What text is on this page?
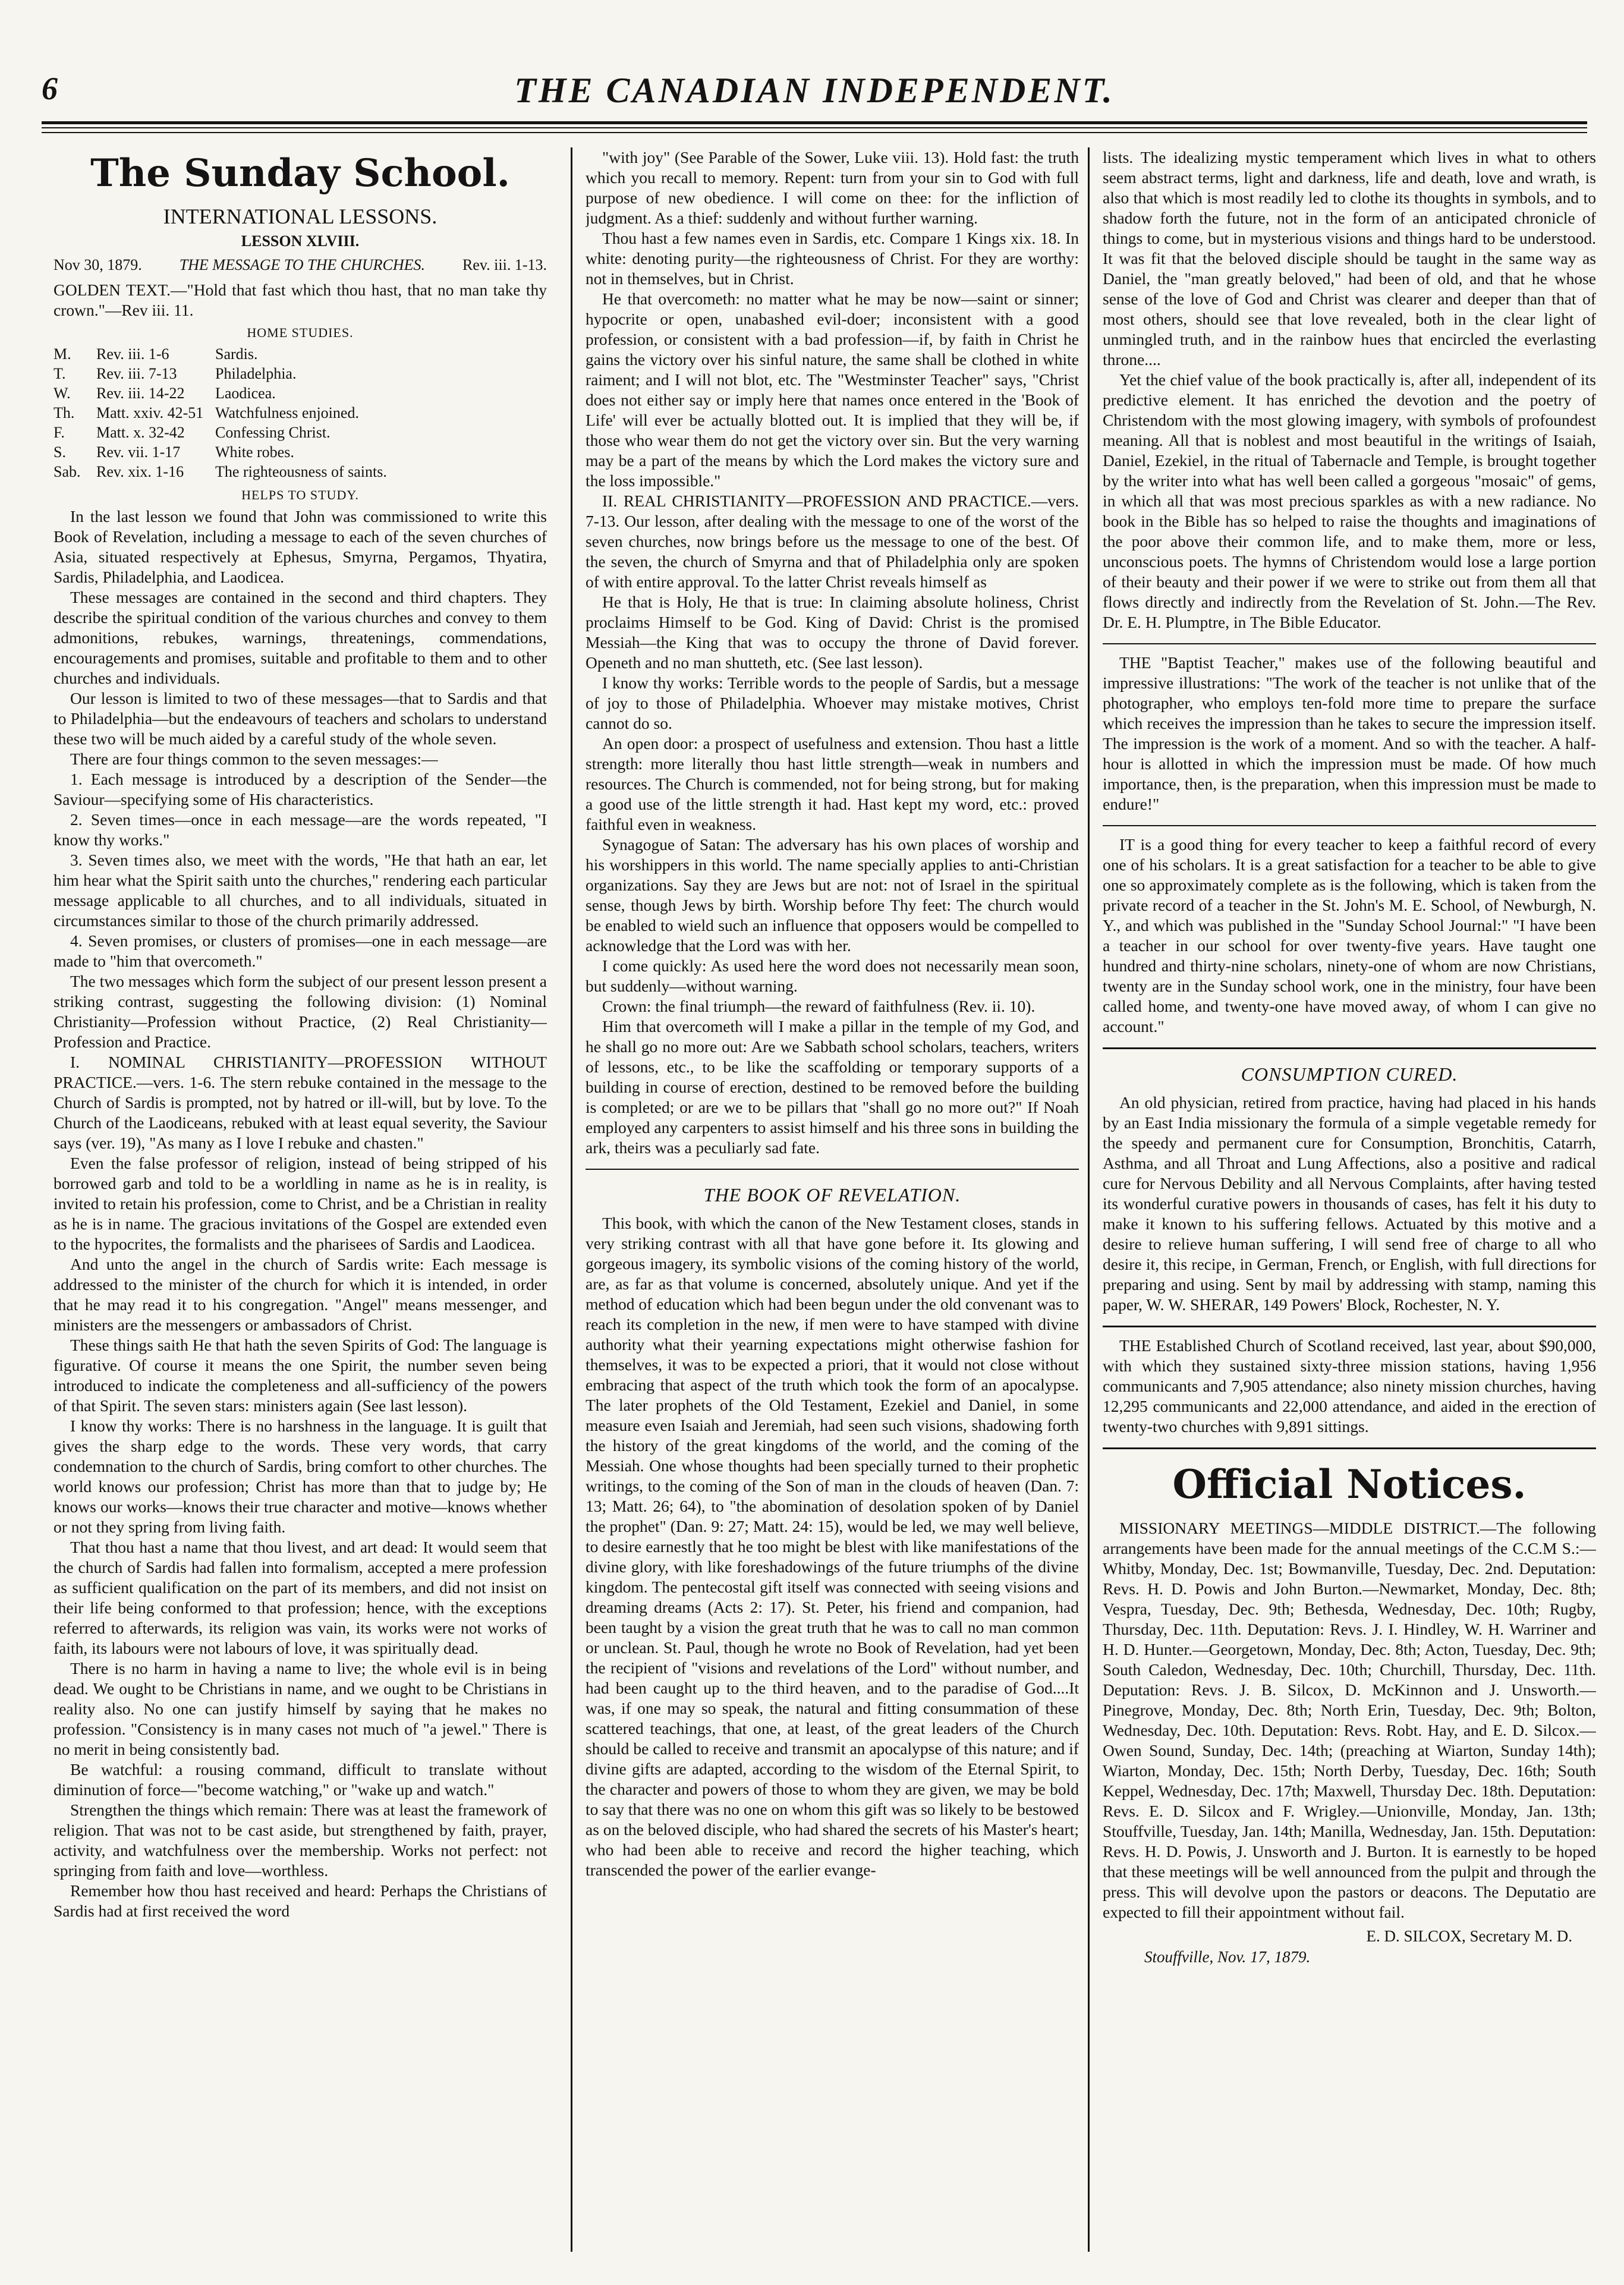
6	THE CANADIAN INDEPENDENT.
The Sunday School.
INTERNATIONAL LESSONS.
LESSON XLVIII.
Nov 30, 1879. THE MESSAGE TO THE CHURCHES. Rev. iii. 1-13.

GOLDEN TEXT.—"Hold that fast which thou hast, that no man take thy crown."—Rev iii. 11.

HOME STUDIES.
M.	Rev. iii. 1-6	Sardis.
T.	Rev. iii. 7-13	Philadelphia.
W.	Rev. iii. 14-22	Laodicea.
Th.	Matt. xxiv. 42-51 Watchfulness enjoined.
F.	Matt. x. 32-42	Confessing Christ.
S.	Rev. vii. 1-17	White robes.
Sab.	Rev. xix. 1-16	The righteousness of saints.
HELPS TO STUDY.

In the last lesson we found that John was commissioned to write this Book of Revelation, including a message to each of the seven churches of Asia, situated respectively at Ephesus, Smyrna, Pergamos, Thyatira, Sardis, Philadelphia, and Laodicea.

These messages are contained in the second and third chapters. They describe the spiritual condition of the various churches and convey to them admonitions, rebukes, warnings, threatenings, commendations, encouragements and promises, suitable and profitable to them and to other churches and individuals.

Our lesson is limited to two of these messages—that to Sardis and that to Philadelphia—but the endeavours of teachers and scholars to understand these two will be much aided by a careful study of the whole seven.

There are four things common to the seven messages:—

1. Each message is introduced by a description of the Sender—the Saviour—specifying some of His characteristics.

2. Seven times—once in each message—are the words repeated, "I know thy works."

3. Seven times also, we meet with the words, "He that hath an ear, let him hear what the Spirit saith unto the churches," rendering each particular message applicable to all churches, and to all individuals, situated in circumstances similar to those of the church primarily addressed.

4. Seven promises, or clusters of promises—one in each message—are made to "him that overcometh."

The two messages which form the subject of our present lesson present a striking contrast, suggesting the following division: (1) Nominal Christianity—Profession without Practice, (2) Real Christianity—Profession and Practice.

I. NOMINAL CHRISTIANITY—PROFESSION WITHOUT PRACTICE.—vers. 1-6. The stern rebuke contained in the message to the Church of Sardis is prompted, not by hatred or ill-will, but by love. To the Church of the Laodiceans, rebuked with at least equal severity, the Saviour says (ver. 19), "As many as I love I rebuke and chasten."

Even the false professor of religion, instead of being stripped of his borrowed garb and told to be a worldling in name as he is in reality, is invited to retain his profession, come to Christ, and be a Christian in reality as he is in name. The gracious invitations of the Gospel are extended even to the hypocrites, the formalists and the pharisees of Sardis and Laodicea.

And unto the angel in the church of Sardis write: Each message is addressed to the minister of the church for which it is intended, in order that he may read it to his congregation. "Angel" means messenger, and ministers are the messengers or ambassadors of Christ.

These things saith He that hath the seven Spirits of God: The language is figurative. Of course it means the one Spirit, the number seven being introduced to indicate the completeness and all-sufficiency of the powers of that Spirit. The seven stars: ministers again (See last lesson).

I know thy works: There is no harshness in the language. It is guilt that gives the sharp edge to the words. These very words, that carry condemnation to the church of Sardis, bring comfort to other churches. The world knows our profession; Christ has more than that to judge by; He knows our works—knows their true character and motive—knows whether or not they spring from living faith.

That thou hast a name that thou livest, and art dead: It would seem that the church of Sardis had fallen into formalism, accepted a mere profession as sufficient qualification on the part of its members, and did not insist on their life being conformed to that profession; hence, with the exceptions referred to afterwards, its religion was vain, its works were not works of faith, its labours were not labours of love, it was spiritually dead.

There is no harm in having a name to live; the whole evil is in being dead. We ought to be Christians in name, and we ought to be Christians in reality also. No one can justify himself by saying that he makes no profession. "Consistency is in many cases not much of "a jewel." There is no merit in being consistently bad.

Be watchful: a rousing command, difficult to translate without diminution of force—"become watching," or "wake up and watch."

Strengthen the things which remain: There was at least the framework of religion. That was not to be cast aside, but strengthened by faith, prayer, activity, and watchfulness over the membership. Works not perfect: not springing from faith and love—worthless.

Remember how thou hast received and heard: Perhaps the Christians of Sardis had at first received the word

"with joy" (See Parable of the Sower, Luke viii. 13). Hold fast: the truth which you recall to memory. Repent: turn from your sin to God with full purpose of new obedience. I will come on thee: for the infliction of judgment. As a thief: suddenly and without further warning.

Thou hast a few names even in Sardis, etc. Compare 1 Kings xix. 18. In white: denoting purity—the righteousness of Christ. For they are worthy: not in themselves, but in Christ.

He that overcometh: no matter what he may be now—saint or sinner; hypocrite or open, unabashed evil-doer; inconsistent with a good profession, or consistent with a bad profession—if, by faith in Christ he gains the victory over his sinful nature, the same shall be clothed in white raiment; and I will not blot, etc. The "Westminster Teacher" says, "Christ does not either say or imply here that names once entered in the 'Book of Life' will ever be actually blotted out. It is implied that they will be, if those who wear them do not get the victory over sin. But the very warning may be a part of the means by which the Lord makes the victory sure and the loss impossible."

II. REAL CHRISTIANITY—PROFESSION AND PRACTICE.—vers. 7-13. Our lesson, after dealing with the message to one of the worst of the seven churches, now brings before us the message to one of the best. Of the seven, the church of Smyrna and that of Philadelphia only are spoken of with entire approval. To the latter Christ reveals himself as

He that is Holy, He that is true: In claiming absolute holiness, Christ proclaims Himself to be God. King of David: Christ is the promised Messiah—the King that was to occupy the throne of David forever. Openeth and no man shutteth, etc. (See last lesson).

I know thy works: Terrible words to the people of Sardis, but a message of joy to those of Philadelphia. Whoever may mistake motives, Christ cannot do so.

An open door: a prospect of usefulness and extension. Thou hast a little strength: more literally thou hast little strength—weak in numbers and resources. The Church is commended, not for being strong, but for making a good use of the little strength it had. Hast kept my word, etc.: proved faithful even in weakness.

Synagogue of Satan: The adversary has his own places of worship and his worshippers in this world. The name specially applies to anti-Christian organizations. Say they are Jews but are not: not of Israel in the spiritual sense, though Jews by birth. Worship before Thy feet: The church would be enabled to wield such an influence that opposers would be compelled to acknowledge that the Lord was with her.

I come quickly: As used here the word does not necessarily mean soon, but suddenly—without warning.

Crown: the final triumph—the reward of faithfulness (Rev. ii. 10).

Him that overcometh will I make a pillar in the temple of my God, and he shall go no more out: Are we Sabbath school scholars, teachers, writers of lessons, etc., to be like the scaffolding or temporary supports of a building in course of erection, destined to be removed before the building is completed; or are we to be pillars that "shall go no more out?" If Noah employed any carpenters to assist himself and his three sons in building the ark, theirs was a peculiarly sad fate.

THE BOOK OF REVELATION.

This book, with which the canon of the New Testament closes, stands in very striking contrast with all that have gone before it. Its glowing and gorgeous imagery, its symbolic visions of the coming history of the world, are, as far as that volume is concerned, absolutely unique. And yet if the method of education which had been begun under the old convenant was to reach its completion in the new, if men were to have stamped with divine authority what their yearning expectations might otherwise fashion for themselves, it was to be expected a priori, that it would not close without embracing that aspect of the truth which took the form of an apocalypse. The later prophets of the Old Testament, Ezekiel and Daniel, in some measure even Isaiah and Jeremiah, had seen such visions, shadowing forth the history of the great kingdoms of the world, and the coming of the Messiah. One whose thoughts had been specially turned to their prophetic writings, to the coming of the Son of man in the clouds of heaven (Dan. 7: 13; Matt. 26; 64), to "the abomination of desolation spoken of by Daniel the prophet" (Dan. 9: 27; Matt. 24: 15), would be led, we may well believe, to desire earnestly that he too might be blest with like manifestations of the divine glory, with like foreshadowings of the future triumphs of the divine kingdom. The pentecostal gift itself was connected with seeing visions and dreaming dreams (Acts 2: 17). St. Peter, his friend and companion, had been taught by a vision the great truth that he was to call no man common or unclean. St. Paul, though he wrote no Book of Revelation, had yet been the recipient of "visions and revelations of the Lord" without number, and had been caught up to the third heaven, and to the paradise of God....It was, if one may so speak, the natural and fitting consummation of these scattered teachings, that one, at least, of the great leaders of the Church should be called to receive and transmit an apocalypse of this nature; and if divine gifts are adapted, according to the wisdom of the Eternal Spirit, to the character and powers of those to whom they are given, we may be bold to say that there was no one on whom this gift was so likely to be bestowed as on the beloved disciple, who had shared the secrets of his Master's heart; who had been able to receive and record the higher teaching, which transcended the power of the earlier evange-

lists. The idealizing mystic temperament which lives in what to others seem abstract terms, light and darkness, life and death, love and wrath, is also that which is most readily led to clothe its thoughts in symbols, and to shadow forth the future, not in the form of an anticipated chronicle of things to come, but in mysterious visions and things hard to be understood. It was fit that the beloved disciple should be taught in the same way as Daniel, the "man greatly beloved," had been of old, and that he whose sense of the love of God and Christ was clearer and deeper than that of most others, should see that love revealed, both in the clear light of unmingled truth, and in the rainbow hues that encircled the everlasting throne....

Yet the chief value of the book practically is, after all, independent of its predictive element. It has enriched the devotion and the poetry of Christendom with the most glowing imagery, with symbols of profoundest meaning. All that is noblest and most beautiful in the writings of Isaiah, Daniel, Ezekiel, in the ritual of Tabernacle and Temple, is brought together by the writer into what has well been called a gorgeous "mosaic" of gems, in which all that was most precious sparkles as with a new radiance. No book in the Bible has so helped to raise the thoughts and imaginations of the poor above their common life, and to make them, more or less, unconscious poets. The hymns of Christendom would lose a large portion of their beauty and their power if we were to strike out from them all that flows directly and indirectly from the Revelation of St. John.—The Rev. Dr. E. H. Plumptre, in The Bible Educator.

THE "Baptist Teacher," makes use of the following beautiful and impressive illustrations: "The work of the teacher is not unlike that of the photographer, who employs ten-fold more time to prepare the surface which receives the impression than he takes to secure the impression itself. The impression is the work of a moment. And so with the teacher. A half-hour is allotted in which the impression must be made. Of how much importance, then, is the preparation, when this impression must be made to endure!"

IT is a good thing for every teacher to keep a faithful record of every one of his scholars. It is a great satisfaction for a teacher to be able to give one so approximately complete as is the following, which is taken from the private record of a teacher in the St. John's M. E. School, of Newburgh, N. Y., and which was published in the "Sunday School Journal:" "I have been a teacher in our school for over twenty-five years. Have taught one hundred and thirty-nine scholars, ninety-one of whom are now Christians, twenty are in the Sunday school work, one in the ministry, four have been called home, and twenty-one have moved away, of whom I can give no account."

CONSUMPTION CURED.

An old physician, retired from practice, having had placed in his hands by an East India missionary the formula of a simple vegetable remedy for the speedy and permanent cure for Consumption, Bronchitis, Catarrh, Asthma, and all Throat and Lung Affections, also a positive and radical cure for Nervous Debility and all Nervous Complaints, after having tested its wonderful curative powers in thousands of cases, has felt it his duty to make it known to his suffering fellows. Actuated by this motive and a desire to relieve human suffering, I will send free of charge to all who desire it, this recipe, in German, French, or English, with full directions for preparing and using. Sent by mail by addressing with stamp, naming this paper, W. W. SHERAR, 149 Powers' Block, Rochester, N. Y.

THE Established Church of Scotland received, last year, about $90,000, with which they sustained sixty-three mission stations, having 1,956 communicants and 7,905 attendance; also ninety mission churches, having 12,295 communicants and 22,000 attendance, and aided in the erection of twenty-two churches with 9,891 sittings.

Official Notices.

MISSIONARY MEETINGS—MIDDLE DISTRICT.—The following arrangements have been made for the annual meetings of the C.C.M S.:—Whitby, Monday, Dec. 1st; Bowmanville, Tuesday, Dec. 2nd. Deputation: Revs. H. D. Powis and John Burton.—Newmarket, Monday, Dec. 8th; Vespra, Tuesday, Dec. 9th; Bethesda, Wednesday, Dec. 10th; Rugby, Thursday, Dec. 11th. Deputation: Revs. J. I. Hindley, W. H. Warriner and H. D. Hunter.—Georgetown, Monday, Dec. 8th; Acton, Tuesday, Dec. 9th; South Caledon, Wednesday, Dec. 10th; Churchill, Thursday, Dec. 11th. Deputation: Revs. J. B. Silcox, D. McKinnon and J. Unsworth.—Pinegrove, Monday, Dec. 8th; North Erin, Tuesday, Dec. 9th; Bolton, Wednesday, Dec. 10th. Deputation: Revs. Robt. Hay, and E. D. Silcox.—Owen Sound, Sunday, Dec. 14th; (preaching at Wiarton, Sunday 14th); Wiarton, Monday, Dec. 15th; North Derby, Tuesday, Dec. 16th; South Keppel, Wednesday, Dec. 17th; Maxwell, Thursday Dec. 18th. Deputation: Revs. E. D. Silcox and F. Wrigley.—Unionville, Monday, Jan. 13th; Stouffville, Tuesday, Jan. 14th; Manilla, Wednesday, Jan. 15th. Deputation: Revs. H. D. Powis, J. Unsworth and J. Burton. It is earnestly to be hoped that these meetings will be well announced from the pulpit and through the press. This will devolve upon the pastors or deacons. The Deputatio are expected to fill their appointment without fail.

E. D. SILCOX, Secretary M. D.
Stouffville, Nov. 17, 1879.
